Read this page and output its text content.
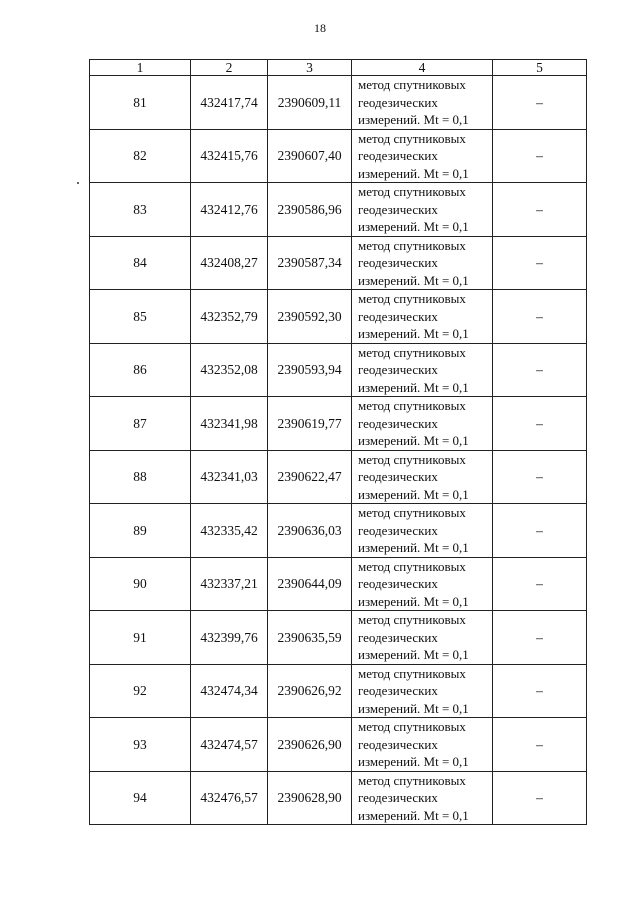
18
1	2	3	4	5
81	432417,74	2390609,11	метод спутниковых геодезических измерений. Mt = 0,1	–
82	432415,76	2390607,40	метод спутниковых геодезических измерений. Mt = 0,1	–
83	432412,76	2390586,96	метод спутниковых геодезических измерений. Mt = 0,1	–
84	432408,27	2390587,34	метод спутниковых геодезических измерений. Mt = 0,1	–
85	432352,79	2390592,30	метод спутниковых геодезических измерений. Mt = 0,1	–
86	432352,08	2390593,94	метод спутниковых геодезических измерений. Mt = 0,1	–
87	432341,98	2390619,77	метод спутниковых геодезических измерений. Mt = 0,1	–
88	432341,03	2390622,47	метод спутниковых геодезических измерений. Mt = 0,1	–
89	432335,42	2390636,03	метод спутниковых геодезических измерений. Mt = 0,1	–
90	432337,21	2390644,09	метод спутниковых геодезических измерений. Mt = 0,1	–
91	432399,76	2390635,59	метод спутниковых геодезических измерений. Mt = 0,1	–
92	432474,34	2390626,92	метод спутниковых геодезических измерений. Mt = 0,1	–
93	432474,57	2390626,90	метод спутниковых геодезических измерений. Mt = 0,1	–
94	432476,57	2390628,90	метод спутниковых геодезических измерений. Mt = 0,1	–
